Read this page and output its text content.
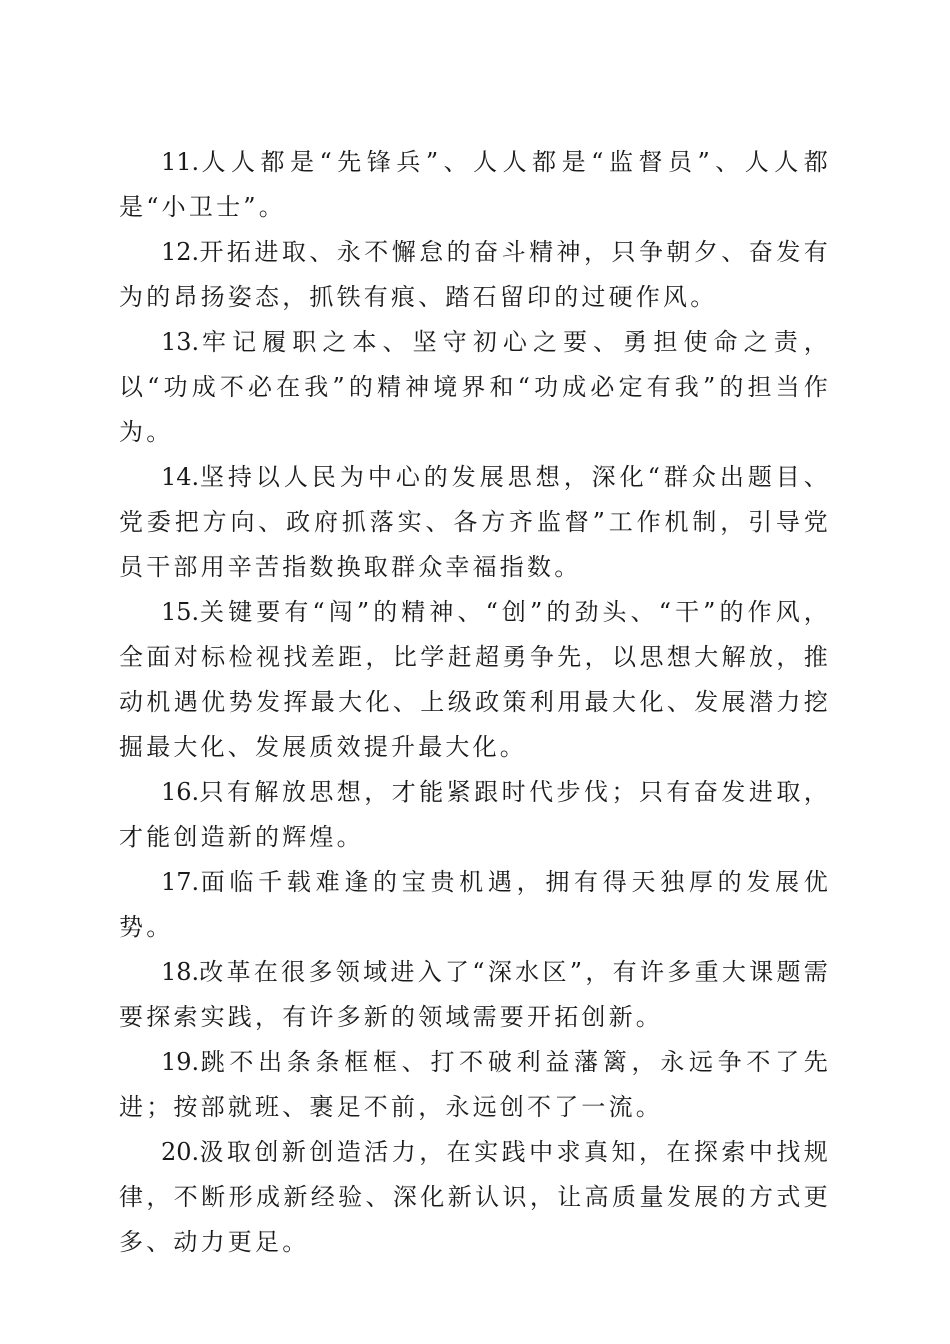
11.人人都是“先锋兵”、人人都是“监督员”、人人都是“小卫士”。

12.开拓进取、永不懈怠的奋斗精神，只争朝夕、奋发有为的昂扬姿态，抓铁有痕、踏石留印的过硬作风。

13.牢记履职之本、坚守初心之要、勇担使命之责，以“功成不必在我”的精神境界和“功成必定有我”的担当作为。

14.坚持以人民为中心的发展思想，深化“群众出题目、党委把方向、政府抓落实、各方齐监督”工作机制，引导党员干部用辛苦指数换取群众幸福指数。

15.关键要有“闯”的精神、“创”的劲头、“干”的作风，全面对标检视找差距，比学赶超勇争先，以思想大解放，推动机遇优势发挥最大化、上级政策利用最大化、发展潜力挖掘最大化、发展质效提升最大化。

16.只有解放思想，才能紧跟时代步伐；只有奋发进取，才能创造新的辉煌。

17.面临千载难逢的宝贵机遇，拥有得天独厚的发展优势。

18.改革在很多领域进入了“深水区”，有许多重大课题需要探索实践，有许多新的领域需要开拓创新。

19.跳不出条条框框、打不破利益藩篱，永远争不了先进；按部就班、裹足不前，永远创不了一流。

20.汲取创新创造活力，在实践中求真知，在探索中找规律，不断形成新经验、深化新认识，让高质量发展的方式更多、动力更足。
